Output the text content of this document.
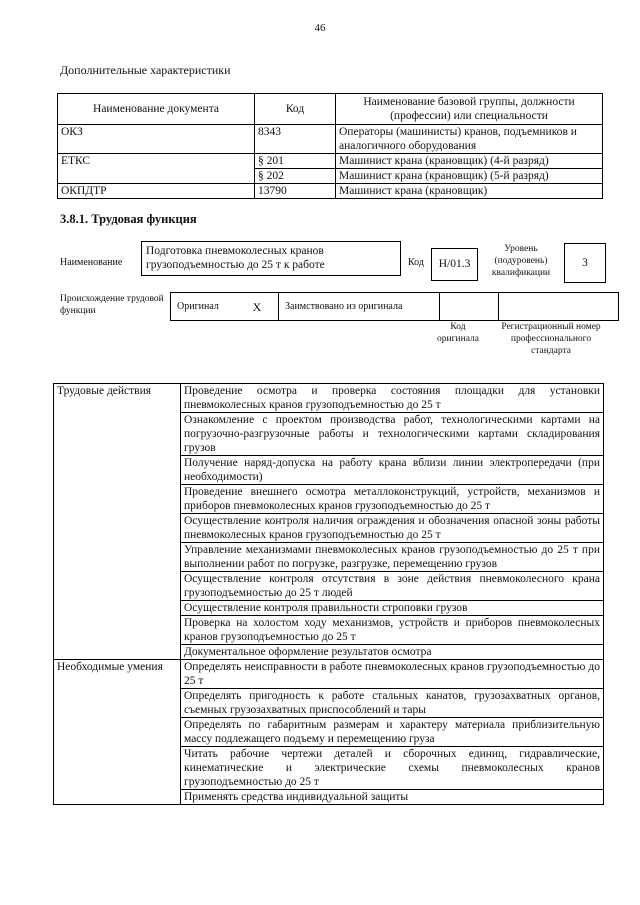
46
Дополнительные характеристики
Наименование документа	Код	Наименование базовой группы, должности (профессии) или специальности
ОКЗ	8343	Операторы (машинисты) кранов, подъемников и аналогичного оборудования
ЕТКС	§ 201	Машинист крана (крановщик) (4-й разряд)
	§ 202	Машинист крана (крановщик) (5-й разряд)
ОКПДТР	13790	Машинист крана (крановщик)
3.8.1. Трудовая функция
Наименование
Подготовка пневмоколесных кранов грузоподъемностью до 25 т к работе	Код	H/01.3
Уровень (подуровень) квалификации
3
Происхождение трудовой функции	Оригинал	X	Заимствовано из оригинала		
Код оригинала
Регистрационный номер профессионального стандарта
Трудовые действия	Проведение осмотра и проверка состояния площадки для установки пневмоколесных кранов грузоподъемностью до 25 т
	Ознакомление с проектом производства работ, технологическими картами на погрузочно-разгрузочные работы и технологическими картами складирования грузов
	Получение наряд-допуска на работу крана вблизи линии электропередачи (при необходимости)
	Проведение внешнего осмотра металлоконструкций, устройств, механизмов и приборов пневмоколесных кранов грузоподъемностью до 25 т
	Осуществление контроля наличия ограждения и обозначения опасной зоны работы пневмоколесных кранов грузоподъемностью до 25 т
	Управление механизмами пневмоколесных кранов грузоподъемностью до 25 т при выполнении работ по погрузке, разгрузке, перемещению грузов
	Осуществление контроля отсутствия в зоне действия пневмоколесного крана грузоподъемностью до 25 т людей
	Осуществление контроля правильности строповки грузов
	Проверка на холостом ходу механизмов, устройств и приборов пневмоколесных кранов грузоподъемностью до 25 т
	Документальное оформление результатов осмотра
Необходимые умения	Определять неисправности в работе пневмоколесных кранов грузоподъемностью до 25 т
	Определять пригодность к работе стальных канатов, грузозахватных органов, съемных грузозахватных приспособлений и тары
	Определять по габаритным размерам и характеру материала приблизительную массу подлежащего подъему и перемещению груза
	Читать рабочие чертежи деталей и сборочных единиц, гидравлические, кинематические и электрические схемы пневмоколесных кранов грузоподъемностью до 25 т
	Применять средства индивидуальной защиты
